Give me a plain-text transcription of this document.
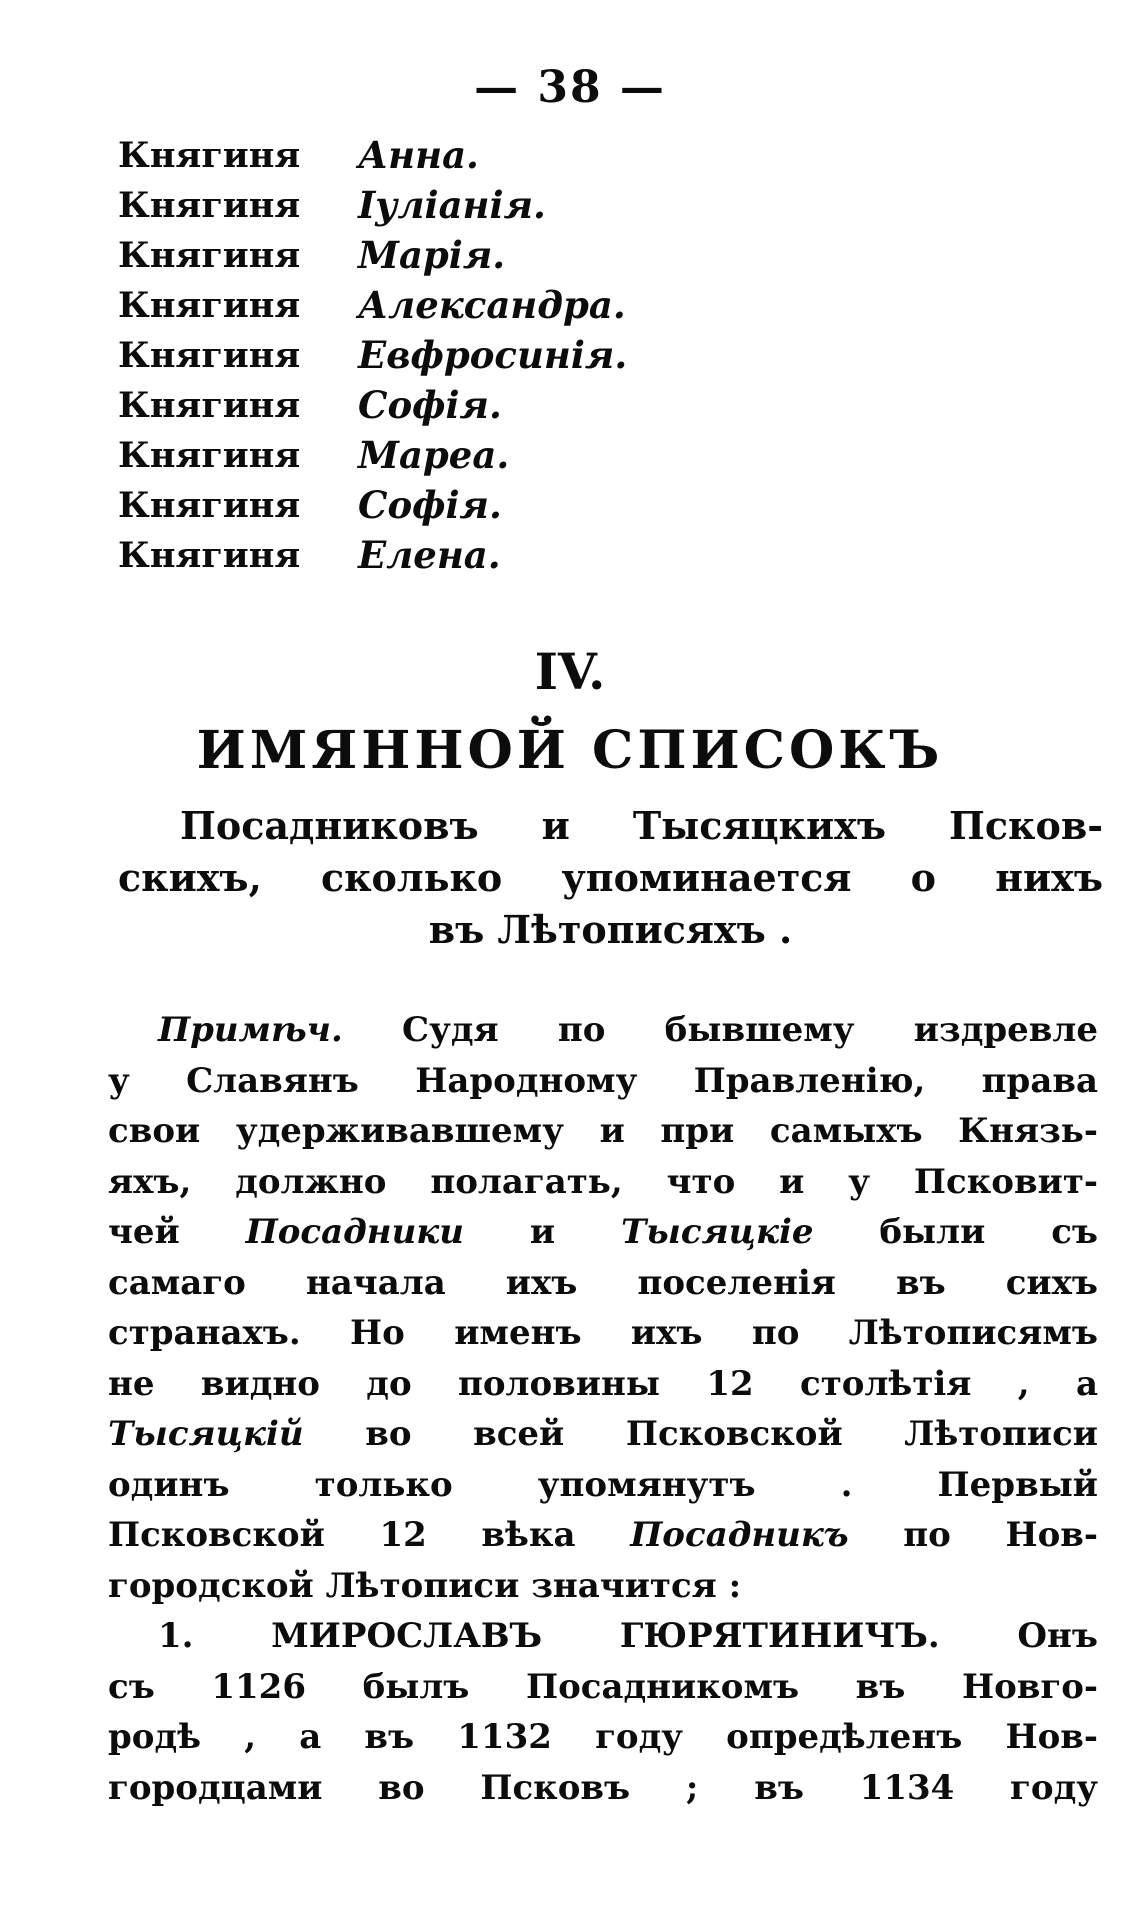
— 38 —
Княгиня	Анна.
Княгиня	Іуліанія.
Княгиня	Марія.
Княгиня	Александра.
Княгиня	Евфросинія.
Княгиня	Софія.
Княгиня	Мареа.
Княгиня	Софія.
Княгиня	Елена.
IV.
ИМЯННОЙ СПИСОКЪ
Посадниковъ и Тысяцкихъ Псков-
скихъ, сколько упоминается о нихъ
въ Лѣтописяхъ .
Примѣч. Судя по бывшему издревле
у Славянъ Народному Правленію, права
свои удерживавшему и при самыхъ Князь-
яхъ, должно полагать, что и у Псковит-
чей Посадники и Тысяцкіе были съ
самаго начала ихъ поселенія въ сихъ
странахъ. Но именъ ихъ по Лѣтописямъ
не видно до половины 12 столѣтія , а
Тысяцкій во всей Псковской Лѣтописи
одинъ только упомянутъ . Первый
Псковской 12 вѣка Посадникъ по Нов-
городской Лѣтописи значится :
1. МИРОСЛАВЪ ГЮРЯТИНИЧЪ. Онъ
съ 1126 былъ Посадникомъ въ Новгo-
родѣ , а въ 1132 году опредѣленъ Нов-
городцами во Псковъ ; въ 1134 году
